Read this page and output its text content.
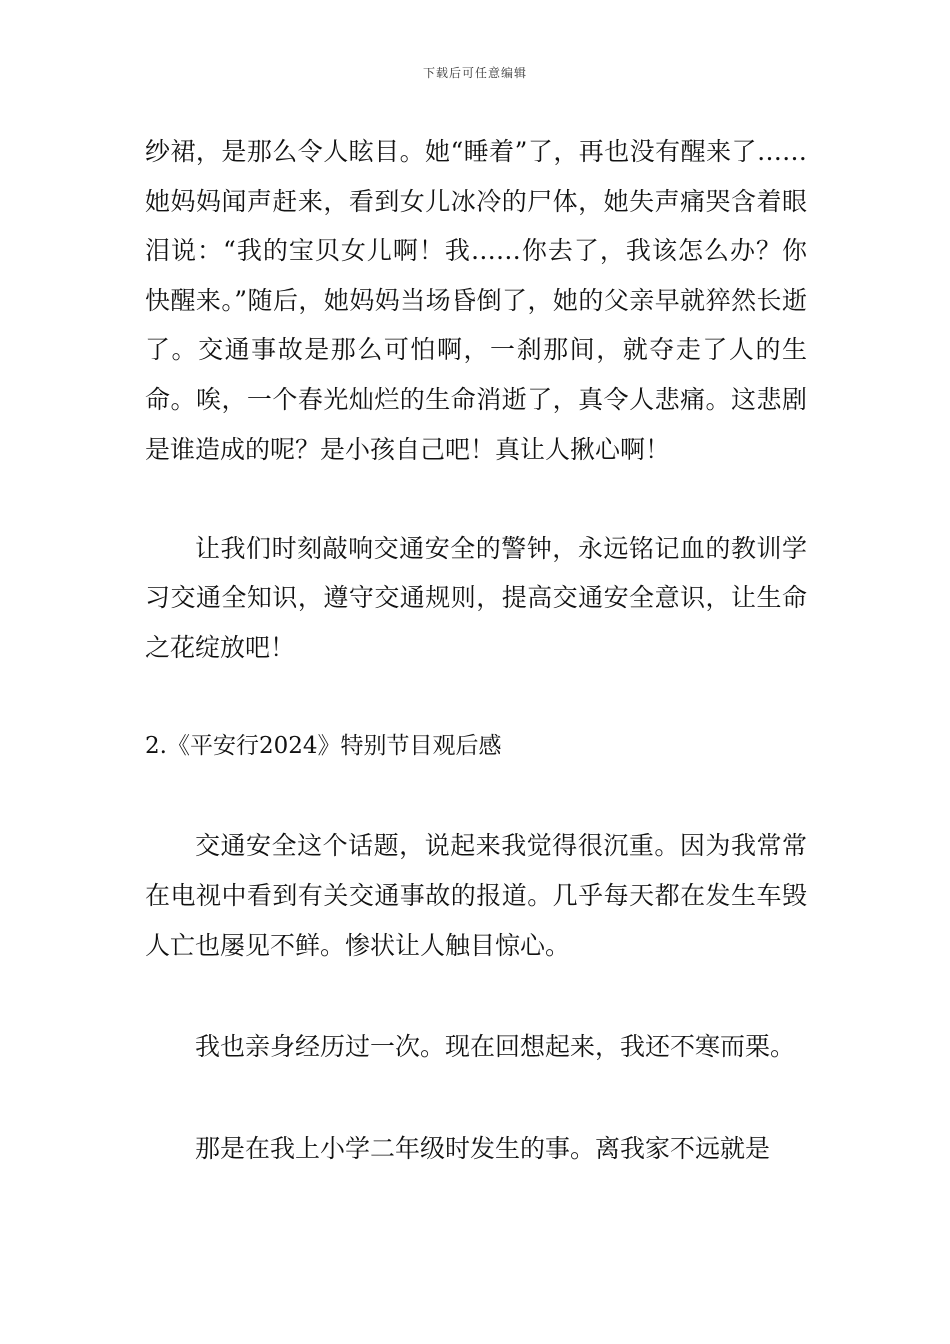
下载后可任意编辑

纱裙，是那么令人眩目。她“睡着”了，再也没有醒来了……她妈妈闻声赶来，看到女儿冰冷的尸体，她失声痛哭含着眼泪说：“我的宝贝女儿啊！我……你去了，我该怎么办？你快醒来。”随后，她妈妈当场昏倒了，她的父亲早就猝然长逝了。交通事故是那么可怕啊，一刹那间，就夺走了人的生命。唉，一个春光灿烂的生命消逝了，真令人悲痛。这悲剧是谁造成的呢？是小孩自己吧！真让人揪心啊！

让我们时刻敲响交通安全的警钟，永远铭记血的教训学习交通全知识，遵守交通规则，提高交通安全意识，让生命之花绽放吧！

2.《平安行2024》特别节目观后感

交通安全这个话题，说起来我觉得很沉重。因为我常常在电视中看到有关交通事故的报道。几乎每天都在发生车毁人亡也屡见不鲜。惨状让人触目惊心。

我也亲身经历过一次。现在回想起来，我还不寒而栗。

那是在我上小学二年级时发生的事。离我家不远就是
